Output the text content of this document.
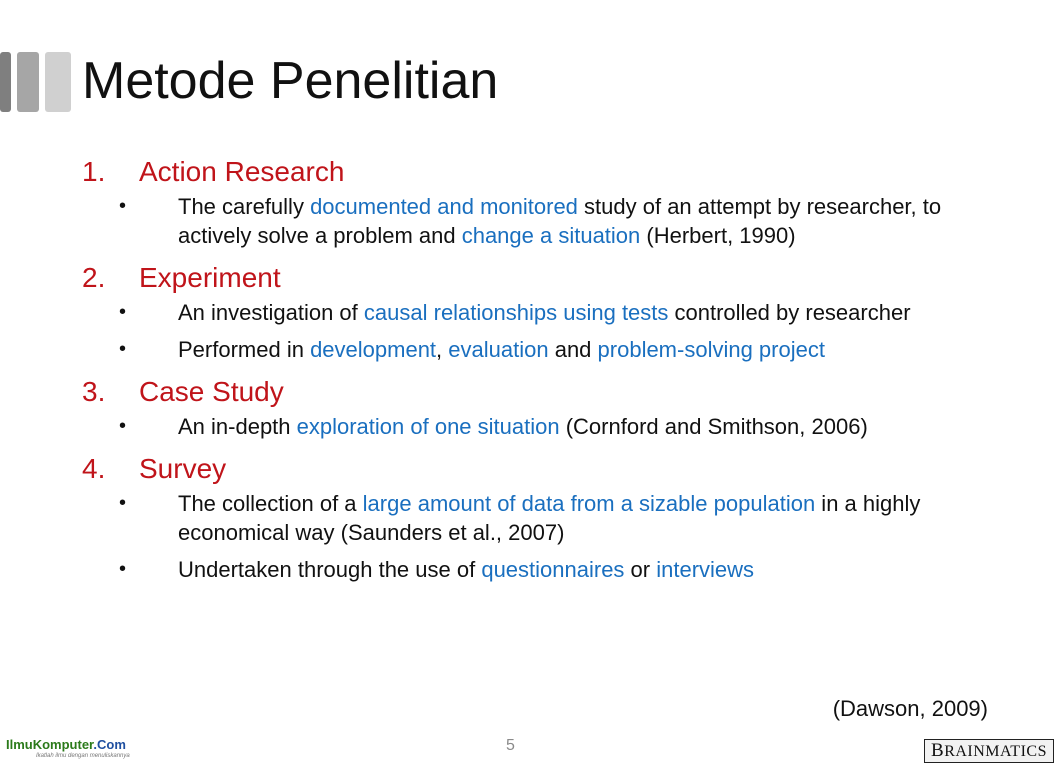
Metode Penelitian
1. Action Research
• The carefully documented and monitored study of an attempt by researcher, to actively solve a problem and change a situation (Herbert, 1990)
2. Experiment
• An investigation of causal relationships using tests controlled by researcher
• Performed in development, evaluation and problem-solving project
3. Case Study
• An in-depth exploration of one situation (Cornford and Smithson, 2006)
4. Survey
• The collection of a large amount of data from a sizable population in a highly economical way (Saunders et al., 2007)
• Undertaken through the use of questionnaires or interviews
(Dawson, 2009)
IlmuKomputer.Com
Ikatlah ilmu dengan menuliskannya
5	BRAINMATICS
